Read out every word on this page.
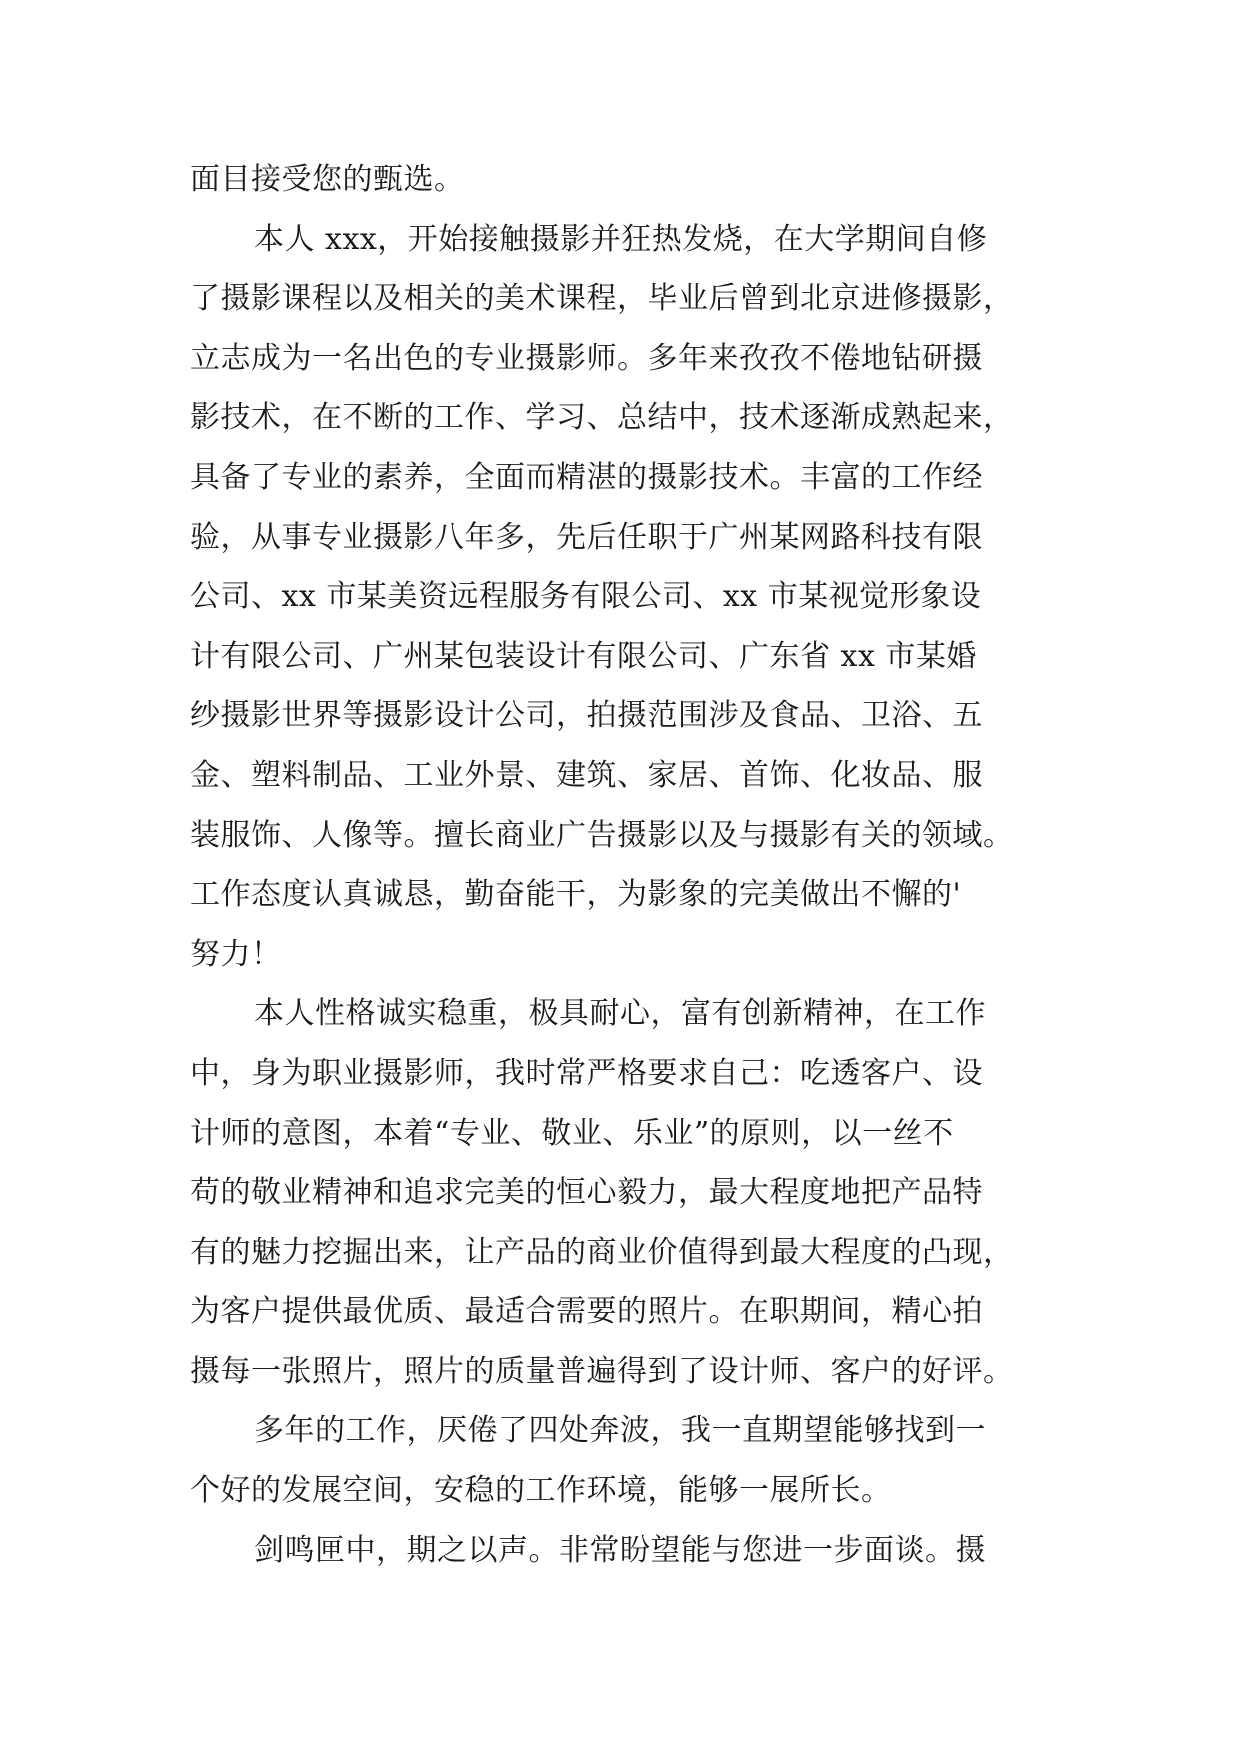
面目接受您的甄选。
本人 xxx，开始接触摄影并狂热发烧，在大学期间自修
了摄影课程以及相关的美术课程，毕业后曾到北京进修摄影，
立志成为一名出色的专业摄影师。多年来孜孜不倦地钻研摄
影技术，在不断的工作、学习、总结中，技术逐渐成熟起来，
具备了专业的素养，全面而精湛的摄影技术。丰富的工作经
验，从事专业摄影八年多，先后任职于广州某网路科技有限
公司、xx 市某美资远程服务有限公司、xx 市某视觉形象设
计有限公司、广州某包装设计有限公司、广东省 xx 市某婚
纱摄影世界等摄影设计公司，拍摄范围涉及食品、卫浴、五
金、塑料制品、工业外景、建筑、家居、首饰、化妆品、服
装服饰、人像等。擅长商业广告摄影以及与摄影有关的领域。
工作态度认真诚恳，勤奋能干，为影象的完美做出不懈的'
努力！
本人性格诚实稳重，极具耐心，富有创新精神，在工作
中，身为职业摄影师，我时常严格要求自己：吃透客户、设
计师的意图，本着“专业、敬业、乐业”的原则，以一丝不
苟的敬业精神和追求完美的恒心毅力，最大程度地把产品特
有的魅力挖掘出来，让产品的商业价值得到最大程度的凸现，
为客户提供最优质、最适合需要的照片。在职期间，精心拍
摄每一张照片，照片的质量普遍得到了设计师、客户的好评。
多年的工作，厌倦了四处奔波，我一直期望能够找到一
个好的发展空间，安稳的工作环境，能够一展所长。
剑鸣匣中，期之以声。非常盼望能与您进一步面谈。摄
